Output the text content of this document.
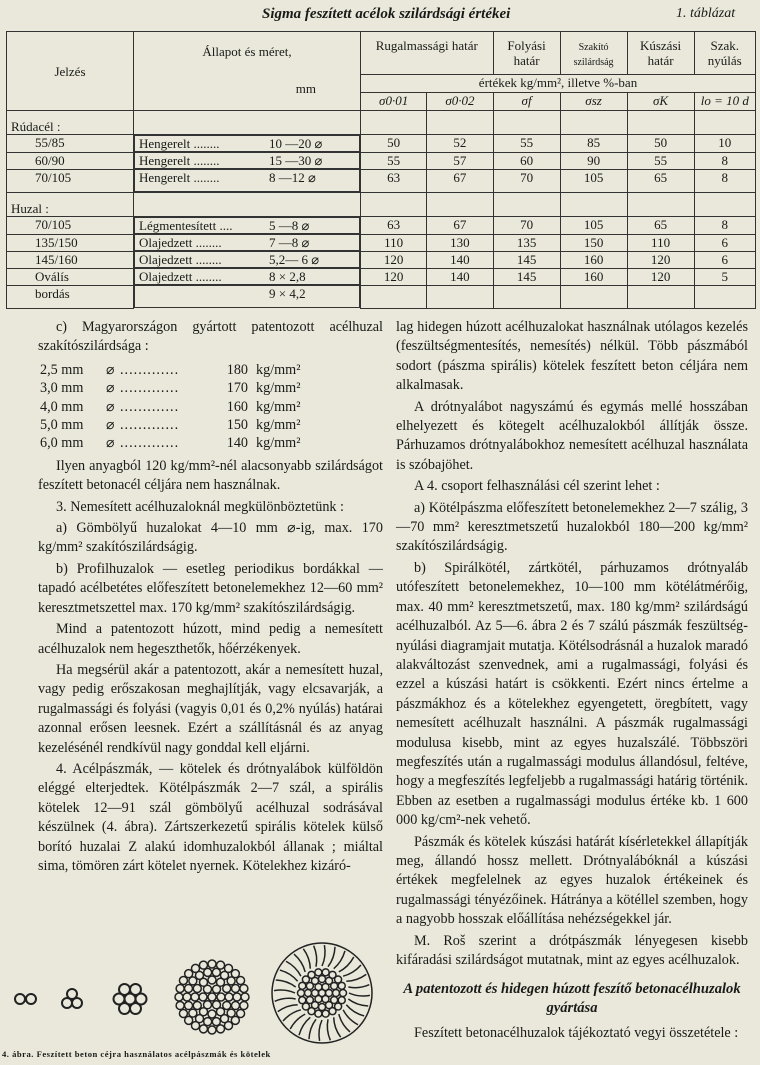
Sigma feszített acélok szilárdsági értékei	1. táblázat
Jelzés	Állapot és méret,
mm	Rugalmassági határ		Folyási határ	Szakító szilárdság	Kúszási határ	Szak. nyúlás
		értékek kg/mm², illetve %-ban					
		σ0·01	σ0·02	σf	σsz	σK	lo = 10 d
Rúdacél :							
55/85		Hengerelt ........	10 —20 ⌀	50	52	55	85	50	10
60/90		Hengerelt ........	15 —30 ⌀	55	57	60	90	55	8
70/105		Hengerelt ........	8 —12 ⌀	63	67	70	105	65	8
Huzal :							
70/105		Légmentesített ....	5 —8 ⌀	63	67	70	105	65	8
135/150		Olajedzett ........	7 —8 ⌀	110	130	135	150	110	6
145/160		Olajedzett ........	5,2— 6 ⌀	120	140	145	160	120	6
Oválís		Olajedzett ........	8 × 2,8	120	140	145	160	120	5
bordás		9 × 4,2

c) Magyarországon gyártott patentozott acélhuzal szakítószilárdsága :

2,5 mm	⌀ .............	180 kg/mm²
3,0 mm	⌀ .............	170 kg/mm²
4,0 mm	⌀ .............	160 kg/mm²
5,0 mm	⌀ .............	150 kg/mm²
6,0 mm	⌀ .............	140 kg/mm²

Ilyen anyagból 120 kg/mm²-nél alacsonyabb szilárdságot feszített betonacél céljára nem használnak.

3. Nemesített acélhuzaloknál megkülönböztetünk :

a) Gömbölyű huzalokat 4—10 mm ⌀-ig, max. 170 kg/mm² szakítószilárdságig.

b) Profilhuzalok — esetleg periodikus bordákkal — tapadó acélbetétes előfeszített betonelemekhez 12—60 mm² keresztmetszettel max. 170 kg/mm² szakítószilárdságig.

Mind a patentozott húzott, mind pedig a nemesített acélhuzalok nem hegeszthetők, hőérzékenyek.

Ha megsérül akár a patentozott, akár a nemesített huzal, vagy pedig erőszakosan meghajlítják, vagy elcsavarják, a rugalmassági és folyási (vagyis 0,01 és 0,2% nyúlás) határai azonnal erősen leesnek. Ezért a szállításnál és az anyag kezelésénél rendkívül nagy gonddal kell eljárni.

4. Acélpászmák, — kötelek és drótnyalábok külföldön eléggé elterjedtek. Kötélpászmák 2—7 szál, a spirális kötelek 12—91 szál gömbölyű acélhuzal sodrásával készülnek (4. ábra). Zártszerkezetű spirális kötelek külső borító huzalai Z alakú idomhuzalokból állanak ; miáltal sima, tömören zárt kötelet nyernek. Kötelekhez kizáró-

4. ábra. Feszített beton céjra használatos acélpászmák és kötelek

lag hidegen húzott acélhuzalokat használnak utólagos kezelés (feszültségmentesítés, nemesítés) nélkül. Több pászmából sodort (pászma spirális) kötelek feszített beton céljára nem alkalmasak.

A drótnyalábot nagyszámú és egymás mellé hosszában elhelyezett és kötegelt acélhuzalokból állítják össze. Párhuzamos drótnyalábokhoz nemesített acélhuzal használata is szóbajöhet.

A 4. csoport felhasználási cél szerint lehet :

a) Kötélpászma előfeszített betonelemekhez 2—7 szálig, 3—70 mm² keresztmetszetű huzalokból 180—200 kg/mm² szakítószilárdságig.

b) Spirálkötél, zártkötél, párhuzamos drótnyaláb utófeszített betonelemekhez, 10—100 mm kötélátmérőig, max. 40 mm² keresztmetszetű, max. 180 kg/mm² szilárdságú acélhuzalból. Az 5—6. ábra 2 és 7 szálú pászmák feszültség-nyúlási diagramjait mutatja. Kötélsodrásnál a huzalok maradó alakváltozást szenvednek, ami a rugalmassági, folyási és ezzel a kúszási határt is csökkenti. Ezért nincs értelme a pászmákhoz és a kötelekhez egyengetett, öregbített, vagy nemesített acélhuzalt használni. A pászmák rugalmassági modulusa kisebb, mint az egyes huzalszálé. Többszöri megfeszítés után a rugalmassági modulus állandósul, feltéve, hogy a megfeszítés legfeljebb a rugalmassági határig történik. Ebben az esetben a rugalmassági modulus értéke kb. 1 600 000 kg/cm²-nek vehető.

Pászmák és kötelek kúszási határát kísérletekkel állapítják meg, állandó hossz mellett. Drótnyalábóknál a kúszási értékek megfelelnek az egyes huzalok értékeinek és rugalmassági tényézőinek. Hátránya a kötéllel szemben, hogy a nagyobb hosszak előállítása nehézségekkel jár.

M. Roš szerint a drótpászmák lényegesen kisebb kifáradási szilárdságot mutatnak, mint az egyes acélhuzalok.

A patentozott és hidegen húzott feszítő betonacélhuzalok gyártása

Feszített betonacélhuzalok tájékoztató vegyi összetétele :
